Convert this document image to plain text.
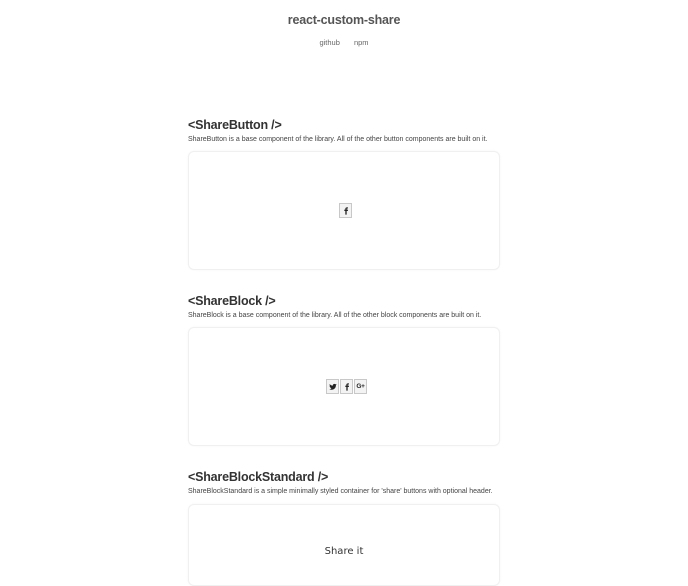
react-custom-share
github npm
<ShareButton />
ShareButton is a base component of the library. All of the other button components are built on it.
<ShareBlock />
ShareBlock is a base component of the library. All of the other block components are built on it.
G+
<ShareBlockStandard />
ShareBlockStandard is a simple minimally styled container for 'share' buttons with optional header.
Share it
